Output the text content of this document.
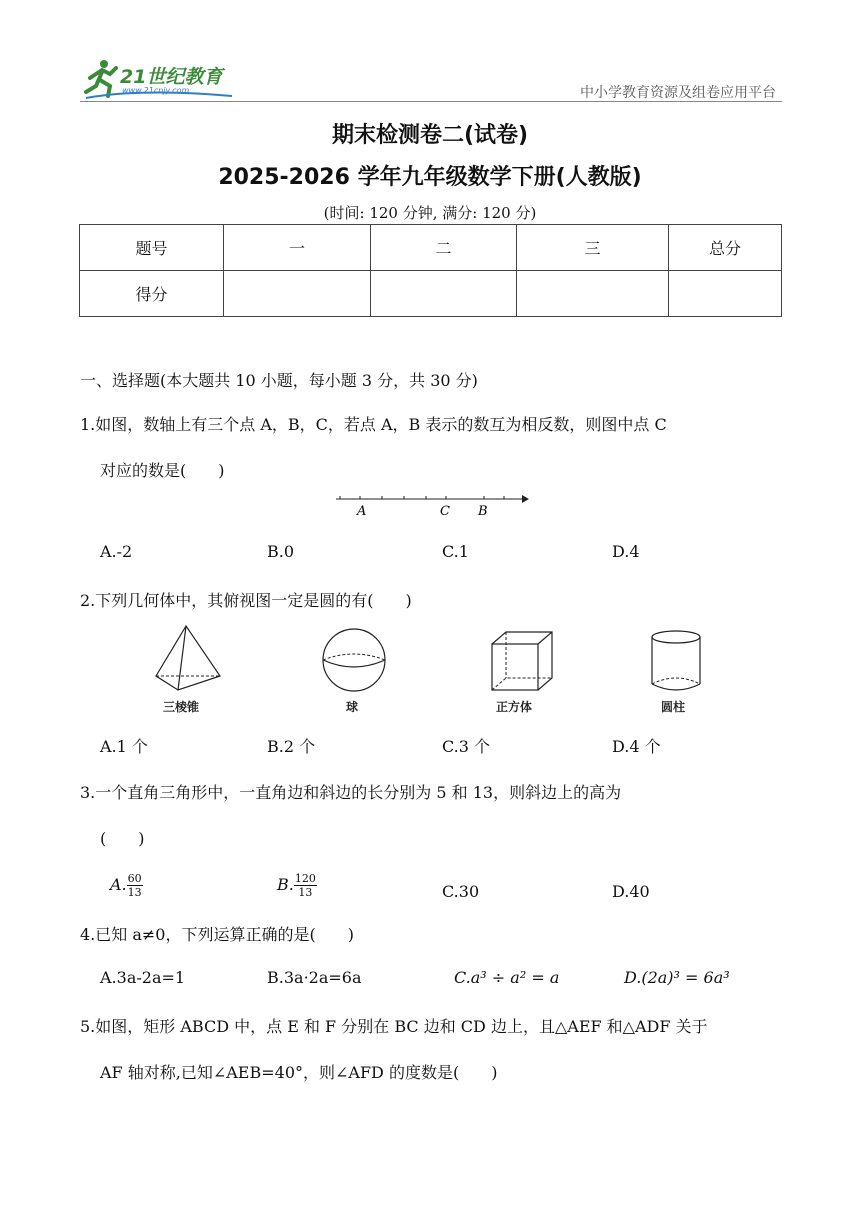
21世纪教育
www.21cnjy.com	中小学教育资源及组卷应用平台
期末检测卷二(试卷)
2025-2026 学年九年级数学下册(人教版)
(时间: 120 分钟, 满分: 120 分)
题号	一	二	三	总分
得分				
一、选择题(本大题共 10 小题，每小题 3 分，共 30 分)
1.如图，数轴上有三个点 A，B，C，若点 A，B 表示的数互为相反数，则图中点 C
对应的数是(　　)
A	C B
A.-2	B.0	C.1	D.4
2.下列几何体中，其俯视图一定是圆的有(　　)
三棱锥	球	正方体	圆柱
A.1 个	B.2 个	C.3 个	D.4 个
3.一个直角三角形中，一直角边和斜边的长分别为 5 和 13，则斜边上的高为
(　　)
A. $\frac{60}{13}$	B. $\frac{120}{13}$	C.30	D.40
4.已知 a≠0，下列运算正确的是(　　)
A.3a-2a=1	B.3a·2a=6a	C.a³ ÷ a² = a	D.(2a)³ = 6a³
5.如图，矩形 ABCD 中，点 E 和 F 分别在 BC 边和 CD 边上，且△AEF 和△ADF 关于
AF 轴对称,已知∠AEB=40°，则∠AFD 的度数是(　　)
